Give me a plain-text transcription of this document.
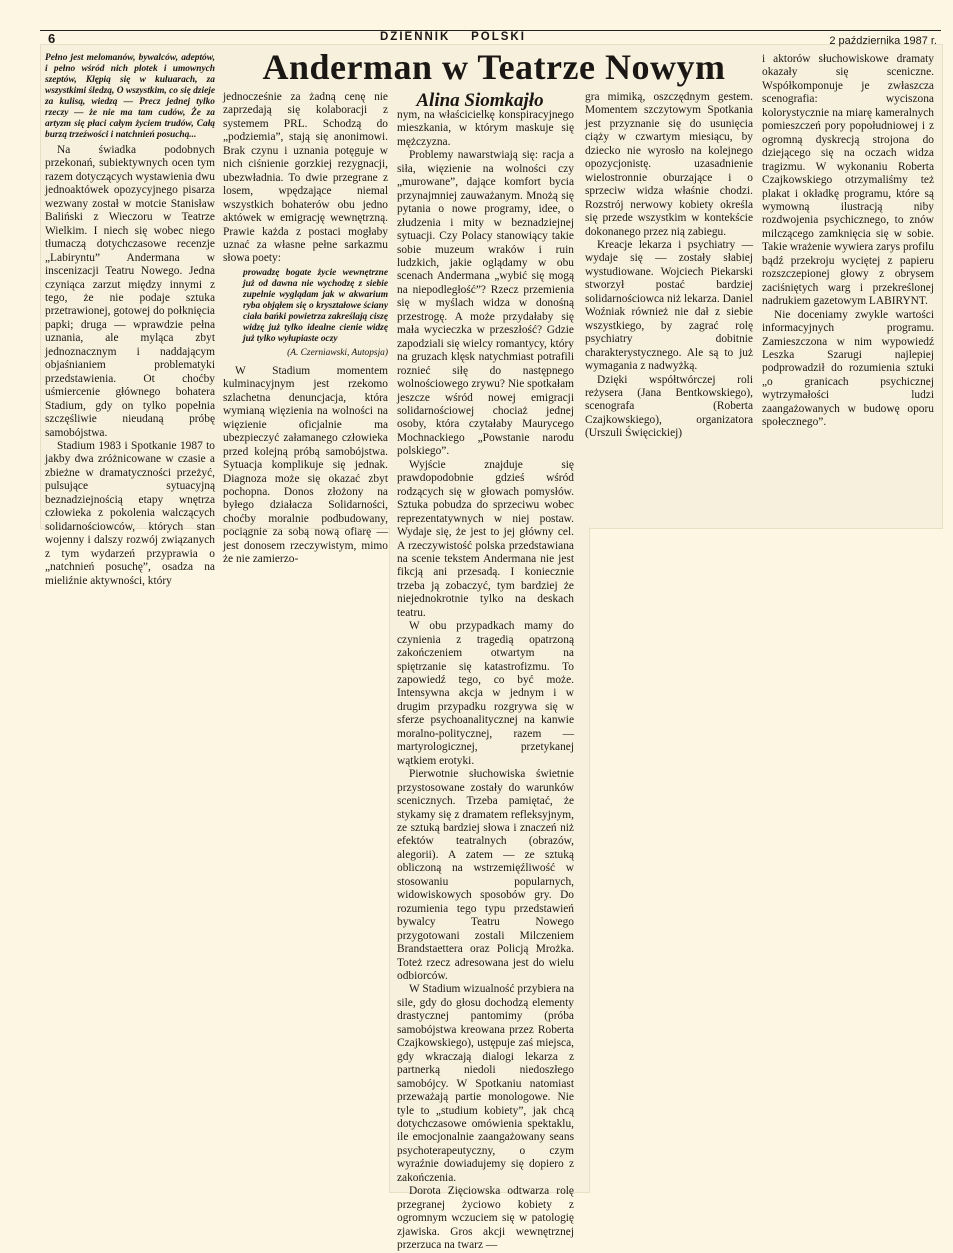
6	DZIENNIK    POLSKI	2 października 1987 r.
Anderman w Teatrze Nowym
Alina Siomkajło
Pełno jest melomanów, bywalców, adeptów, i pełno wśród nich plotek i umownych szeptów, Klępią się w kuluarach, za wszystkimi śledzą, O wszystkim, co się dzieje za kulisą, wiedzą — Precz jednej tylko rzeczy — że nie ma tam cudów, Że za artyzm się płaci całym życiem trudów, Całą burzą trzeźwości i natchnień posuchą...

Na świadka podobnych przekonań, subiektywnych ocen tym razem dotyczących wystawienia dwu jednoaktówek opozycyjnego pisarza wezwany został w motcie Stanisław Baliński z Wieczoru w Teatrze Wielkim. I niech się wobec niego tłumaczą dotychczasowe recenzje „Labiryntu” Andermana w inscenizacji Teatru Nowego. Jedna czyniąca zarzut między innymi z tego, że nie podaje sztuka przetrawionej, gotowej do połknięcia papki; druga — wprawdzie pełna uznania, ale myląca zbyt jednoznacznym i naddającym objaśnianiem problematyki przedstawienia. Ot choćby uśmiercenie głównego bohatera Stadium, gdy on tylko popełnia szczęśliwie nieudaną próbę samobójstwa.

Stadium 1983 i Spotkanie 1987 to jakby dwa zróżnicowane w czasie a zbieżne w dramatyczności przeżyć, pulsujące sytuacyjną beznadziejnością etapy wnętrza człowieka z pokolenia walczących solidarnościowców, których stan wojenny i dalszy rozwój związanych z tym wydarzeń przyprawia o „natchnień posuchę”, osadza na mieliźnie aktywności, który

jednocześnie za żadną cenę nie zaprzedają się kolaboracji z systemem PRL. Schodzą do „podziemia”, stają się anonimowi. Brak czynu i uznania potęguje w nich ciśnienie gorzkiej rezygnacji, ubezwładnia. To dwie przegrane z losem, wpędzające niemal wszystkich bohaterów obu jedno aktówek w emigrację wewnętrzną. Prawie każda z postaci mogłaby uznać za własne pełne sarkazmu słowa poety:

prowadzę bogate życie wewnętrzne już od dawna nie wychodzę z siebie zupełnie wyglądam jak w akwarium ryba objąłem się o kryształowe ściany ciała bańki powietrza zakreślają ciszę widzę już tylko idealne cienie widzę już tylko wyłupiaste oczy
(A. Czerniawski, Autopsja)

W Stadium momentem kulminacyjnym jest rzekomo szlachetna denuncjacja, która wymianą więzienia na wolności na więzienie oficjalnie ma ubezpieczyć załamanego człowieka przed kolejną próbą samobójstwa. Sytuacja komplikuje się jednak. Diagnoza może się okazać zbyt pochopna. Donos złożony na byłego działacza Solidarności, choćby moralnie podbudowany, pociągnie za sobą nową ofiarę — jest donosem rzeczywistym, mimo że nie zamierzo-

nym, na właścicielkę konspiracyjnego mieszkania, w którym maskuje się mężczyzna.

Problemy nawarstwiają się: racja a siła, więzienie na wolności czy „murowane”, dające komfort bycia przynajmniej zauważanym. Mnożą się pytania o nowe programy, idee, o złudzenia i mity w beznadziejnej sytuacji. Czy Polacy stanowiący takie sobie muzeum wraków i ruin ludzkich, jakie oglądamy w obu scenach Andermana „wybić się mogą na niepodległość”? Rzecz przemienia się w myślach widza w donośną przestrogę. A może przydałaby się mała wycieczka w przeszłość? Gdzie zapodziali się wielcy romantycy, który na gruzach klęsk natychmiast potrafili roznieć siłę do następnego wolnościowego zrywu? Nie spotkałam jeszcze wśród nowej emigracji solidarnościowej chociaż jednej osoby, która czytałaby Maurycego Mochnackiego „Powstanie narodu polskiego”.

Wyjście znajduje się prawdopodobnie gdzieś wśród rodzących się w głowach pomysłów. Sztuka pobudza do sprzeciwu wobec reprezentatywnych w niej postaw. Wydaje się, że jest to jej główny cel. A rzeczywistość polska przedstawiana na scenie tekstem Andermana nie jest fikcją ani przesadą. I koniecznie trzeba ją zobaczyć, tym bardziej że niejednokrotnie tylko na deskach teatru.

W obu przypadkach mamy do czynienia z tragedią opatrzoną zakończeniem otwartym na spiętrzanie się katastrofizmu. To zapowiedź tego, co być może. Intensywna akcja w jednym i w drugim przypadku rozgrywa się w sferze psychoanalitycznej na kanwie moralno-politycznej, razem — martyrologicznej, przetykanej wątkiem erotyki.

Pierwotnie słuchowiska świetnie przystosowane zostały do warunków scenicznych. Trzeba pamiętać, że stykamy się z dramatem refleksyjnym, ze sztuką bardziej słowa i znaczeń niż efektów teatralnych (obrazów, alegorii). A zatem — ze sztuką obliczoną na wstrzemięźliwość w stosowaniu popularnych, widowiskowych sposobów gry. Do rozumienia tego typu przedstawień bywalcy Teatru Nowego przygotowani zostali Milczeniem Brandstaettera oraz Policją Mrożka. Toteż rzecz adresowana jest do wielu odbiorców.

W Stadium wizualność przybiera na sile, gdy do głosu dochodzą elementy drastycznej pantomimy (próba samobójstwa kreowana przez Roberta Czajkowskiego), ustępuje zaś miejsca, gdy wkraczają dialogi lekarza z partnerką niedoli niedoszłego samobójcy. W Spotkaniu natomiast przeważają partie monologowe. Nie tyle to „studium kobiety”, jak chcą dotychczasowe omówienia spektaklu, ile emocjonalnie zaangażowany seans psychoterapeutyczny, o czym wyraźnie dowiadujemy się dopiero z zakończenia.

Dorota Zięciowska odtwarza rolę przegranej życiowo kobiety z ogromnym wczuciem się w patologię zjawiska. Gros akcji wewnętrznej przerzuca na twarz —

gra mimiką, oszczędnym gestem. Momentem szczytowym Spotkania jest przyznanie się do usunięcia ciąży w czwartym miesiącu, by dziecko nie wyrosło na kolejnego opozycjonistę. uzasadnienie wielostronnie oburzające i o sprzeciw widza właśnie chodzi. Rozstrój nerwowy kobiety określa się przede wszystkim w kontekście dokonanego przez nią zabiegu.

Kreacje lekarza i psychiatry — wydaje się — zostały słabiej wystudiowane. Wojciech Piekarski stworzył postać bardziej solidarnościowca niż lekarza. Daniel Woźniak również nie dał z siebie wszystkiego, by zagrać rolę psychiatry dobitnie charakterystycznego. Ale są to już wymagania z nadwyżką.

Dzięki współtwórczej roli reżysera (Jana Bentkowskiego), scenografa (Roberta Czajkowskiego), organizatora (Urszuli Święcickiej)

i aktorów słuchowiskowe dramaty okazały się sceniczne. Współkomponuje je zwłaszcza scenografia: wyciszona kolorystycznie na miarę kameralnych pomieszczeń pory popołudniowej i z ogromną dyskrecją strojona do dziejącego się na oczach widza tragizmu. W wykonaniu Roberta Czajkowskiego otrzymaliśmy też plakat i okładkę programu, które są wymowną ilustracją niby rozdwojenia psychicznego, to znów milczącego zamknięcia się w sobie. Takie wrażenie wywiera zarys profilu bądź przekroju wyciętej z papieru rozszczepionej głowy z obrysem zaciśniętych warg i przekreślonej nadrukiem gazetowym LABIRYNT.

Nie doceniamy zwykle wartości informacyjnych programu. Zamieszczona w nim wypowiedź Leszka Szarugi najlepiej podprowadził do rozumienia sztuki „o granicach psychicznej wytrzymałości ludzi zaangażowanych w budowę oporu społecznego”.
